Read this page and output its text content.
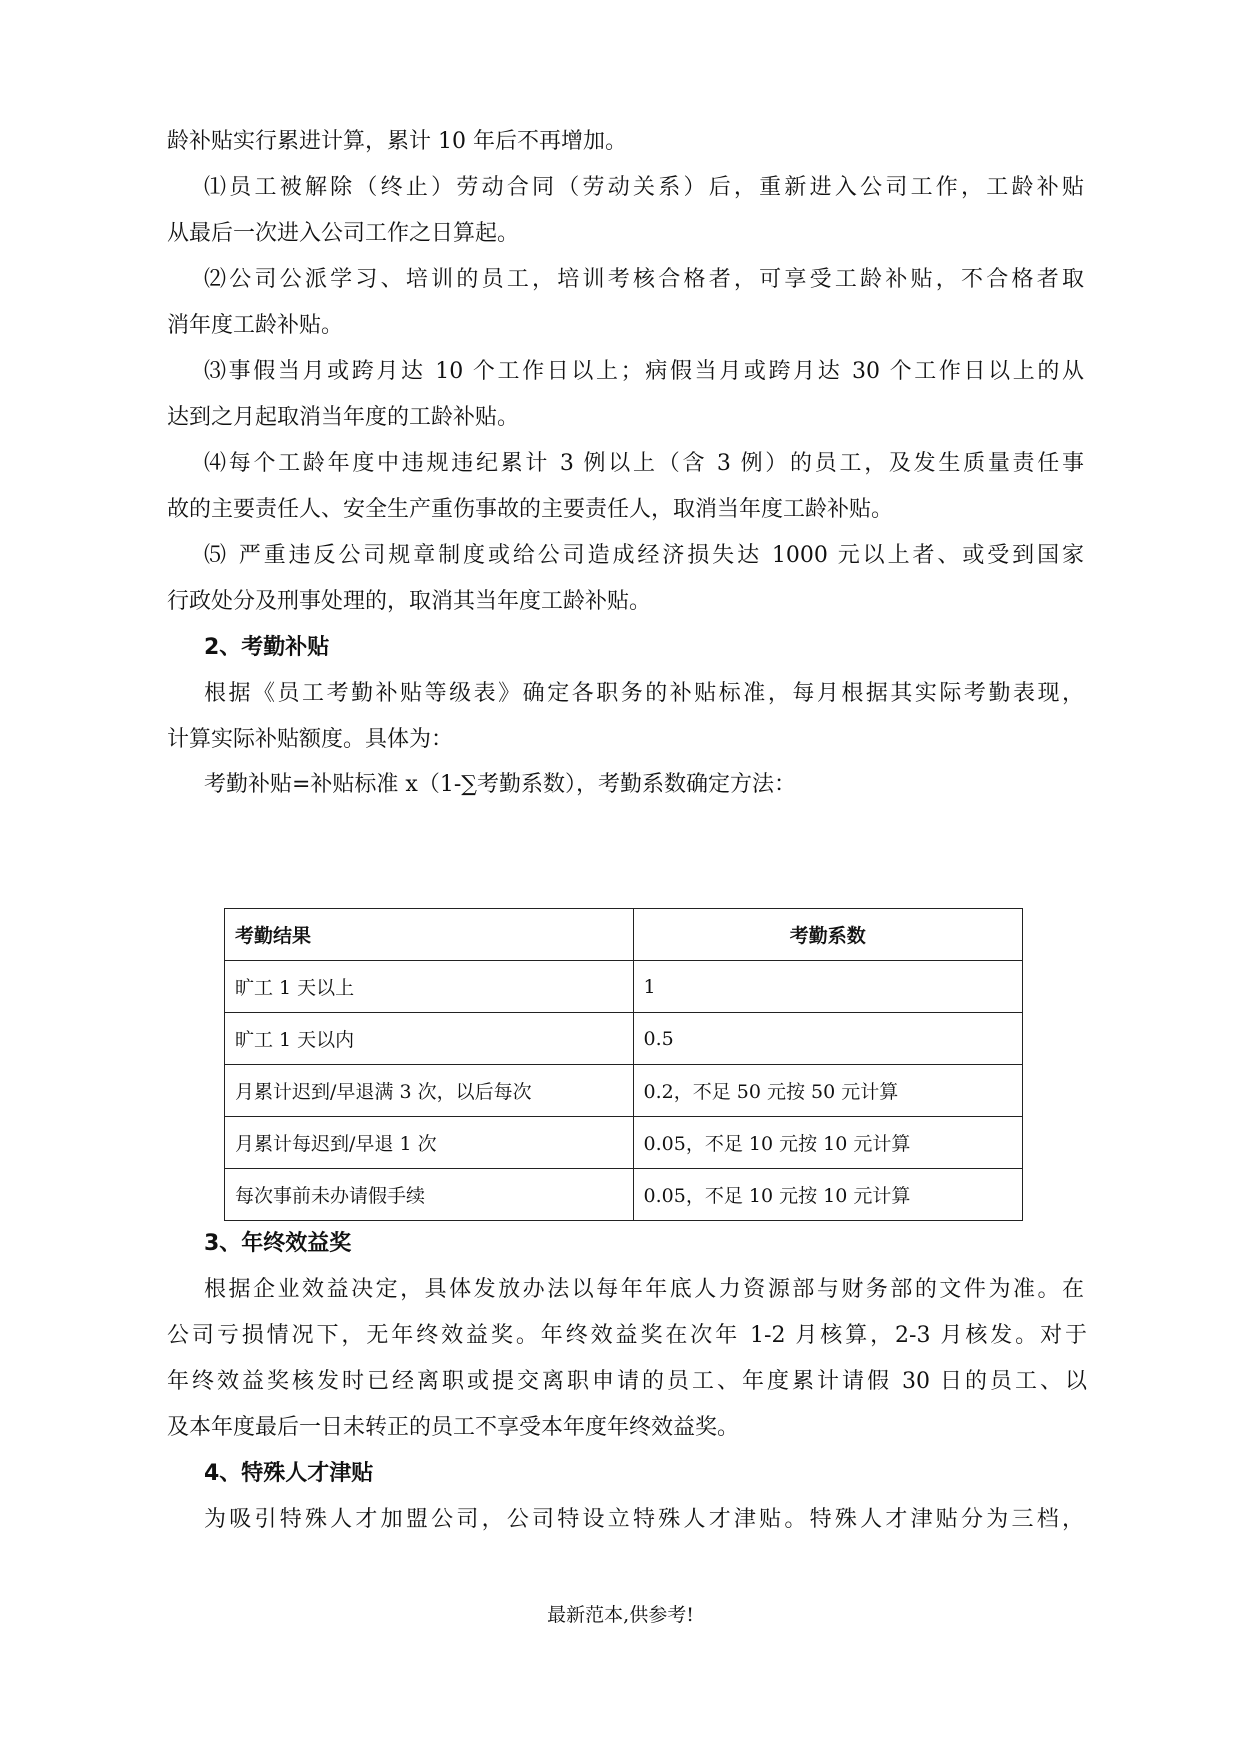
龄补贴实行累进计算，累计 10 年后不再增加。
⑴员工被解除（终止）劳动合同（劳动关系）后，重新进入公司工作，工龄补贴
从最后一次进入公司工作之日算起。
⑵公司公派学习、培训的员工，培训考核合格者，可享受工龄补贴，不合格者取
消年度工龄补贴。
⑶事假当月或跨月达 10 个工作日以上；病假当月或跨月达 30 个工作日以上的从
达到之月起取消当年度的工龄补贴。
⑷每个工龄年度中违规违纪累计 3 例以上（含 3 例）的员工，及发生质量责任事
故的主要责任人、安全生产重伤事故的主要责任人，取消当年度工龄补贴。
⑸ 严重违反公司规章制度或给公司造成经济损失达 1000 元以上者、或受到国家
行政处分及刑事处理的，取消其当年度工龄补贴。
2、考勤补贴
根据《员工考勤补贴等级表》确定各职务的补贴标准，每月根据其实际考勤表现，
计算实际补贴额度。具体为：
考勤补贴=补贴标准 x（1-∑考勤系数），考勤系数确定方法：
考勤结果	考勤系数
旷工 1 天以上	1
旷工 1 天以内	0.5
月累计迟到/早退满 3 次，以后每次	0.2，不足 50 元按 50 元计算
月累计每迟到/早退 1 次	0.05，不足 10 元按 10 元计算
每次事前未办请假手续	0.05，不足 10 元按 10 元计算
3、年终效益奖
根据企业效益决定，具体发放办法以每年年底人力资源部与财务部的文件为准。在
公司亏损情况下，无年终效益奖。年终效益奖在次年 1-2 月核算，2-3 月核发。对于
年终效益奖核发时已经离职或提交离职申请的员工、年度累计请假 30 日的员工、以
及本年度最后一日未转正的员工不享受本年度年终效益奖。
4、特殊人才津贴
为吸引特殊人才加盟公司，公司特设立特殊人才津贴。特殊人才津贴分为三档，
最新范本,供参考!
